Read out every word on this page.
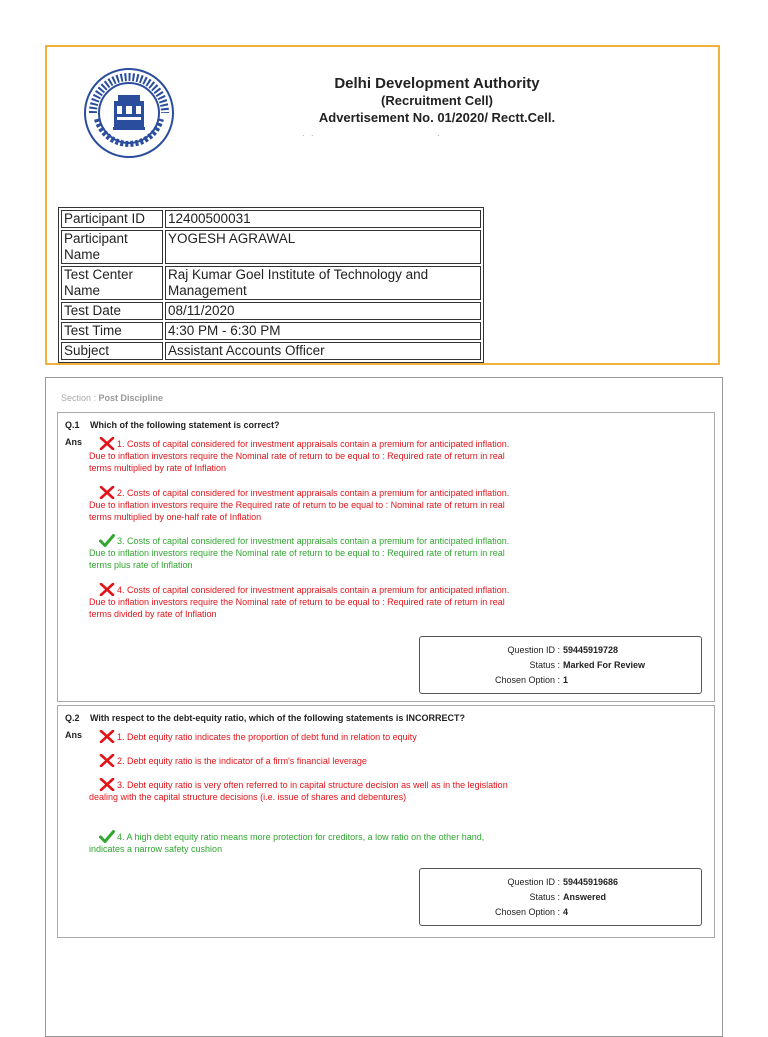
Delhi Development Authority
(Recruitment Cell)
Advertisement No. 01/2020/ Rectt.Cell.
· ·	·
Participant ID	12400500031
Participant Name	YOGESH AGRAWAL
Test Center Name	Raj Kumar Goel Institute of Technology and Management
Test Date	08/11/2020
Test Time	4:30 PM - 6:30 PM
Subject	Assistant Accounts Officer
Section : Post Discipline
Q.1 Which of the following statement is correct?
Ans	1. Costs of capital considered for investment appraisals contain a premium for anticipated inflation. Due to inflation investors require the Nominal rate of return to be equal to : Required rate of return in real terms multiplied by rate of Inflation
2. Costs of capital considered for investment appraisals contain a premium for anticipated inflation. Due to inflation investors require the Required rate of return to be equal to : Nominal rate of return in real terms multiplied by one-half rate of Inflation
3. Costs of capital considered for investment appraisals contain a premium for anticipated inflation. Due to inflation investors require the Nominal rate of return to be equal to : Required rate of return in real terms plus rate of Inflation
4. Costs of capital considered for investment appraisals contain a premium for anticipated inflation. Due to inflation investors require the Nominal rate of return to be equal to : Required rate of return in real terms divided by rate of Inflation
Question ID : 59445919728
Status : Marked For Review
Chosen Option : 1
Q.2 With respect to the debt-equity ratio, which of the following statements is INCORRECT?
Ans	1. Debt equity ratio indicates the proportion of debt fund in relation to equity
2. Debt equity ratio is the indicator of a firm's financial leverage
3. Debt equity ratio is very often referred to in capital structure decision as well as in the legislation dealing with the capital structure decisions (i.e. issue of shares and debentures)
4. A high debt equity ratio means more protection for creditors, a low ratio on the other hand, indicates a narrow safety cushion
Question ID : 59445919686
Status : Answered
Chosen Option : 4
